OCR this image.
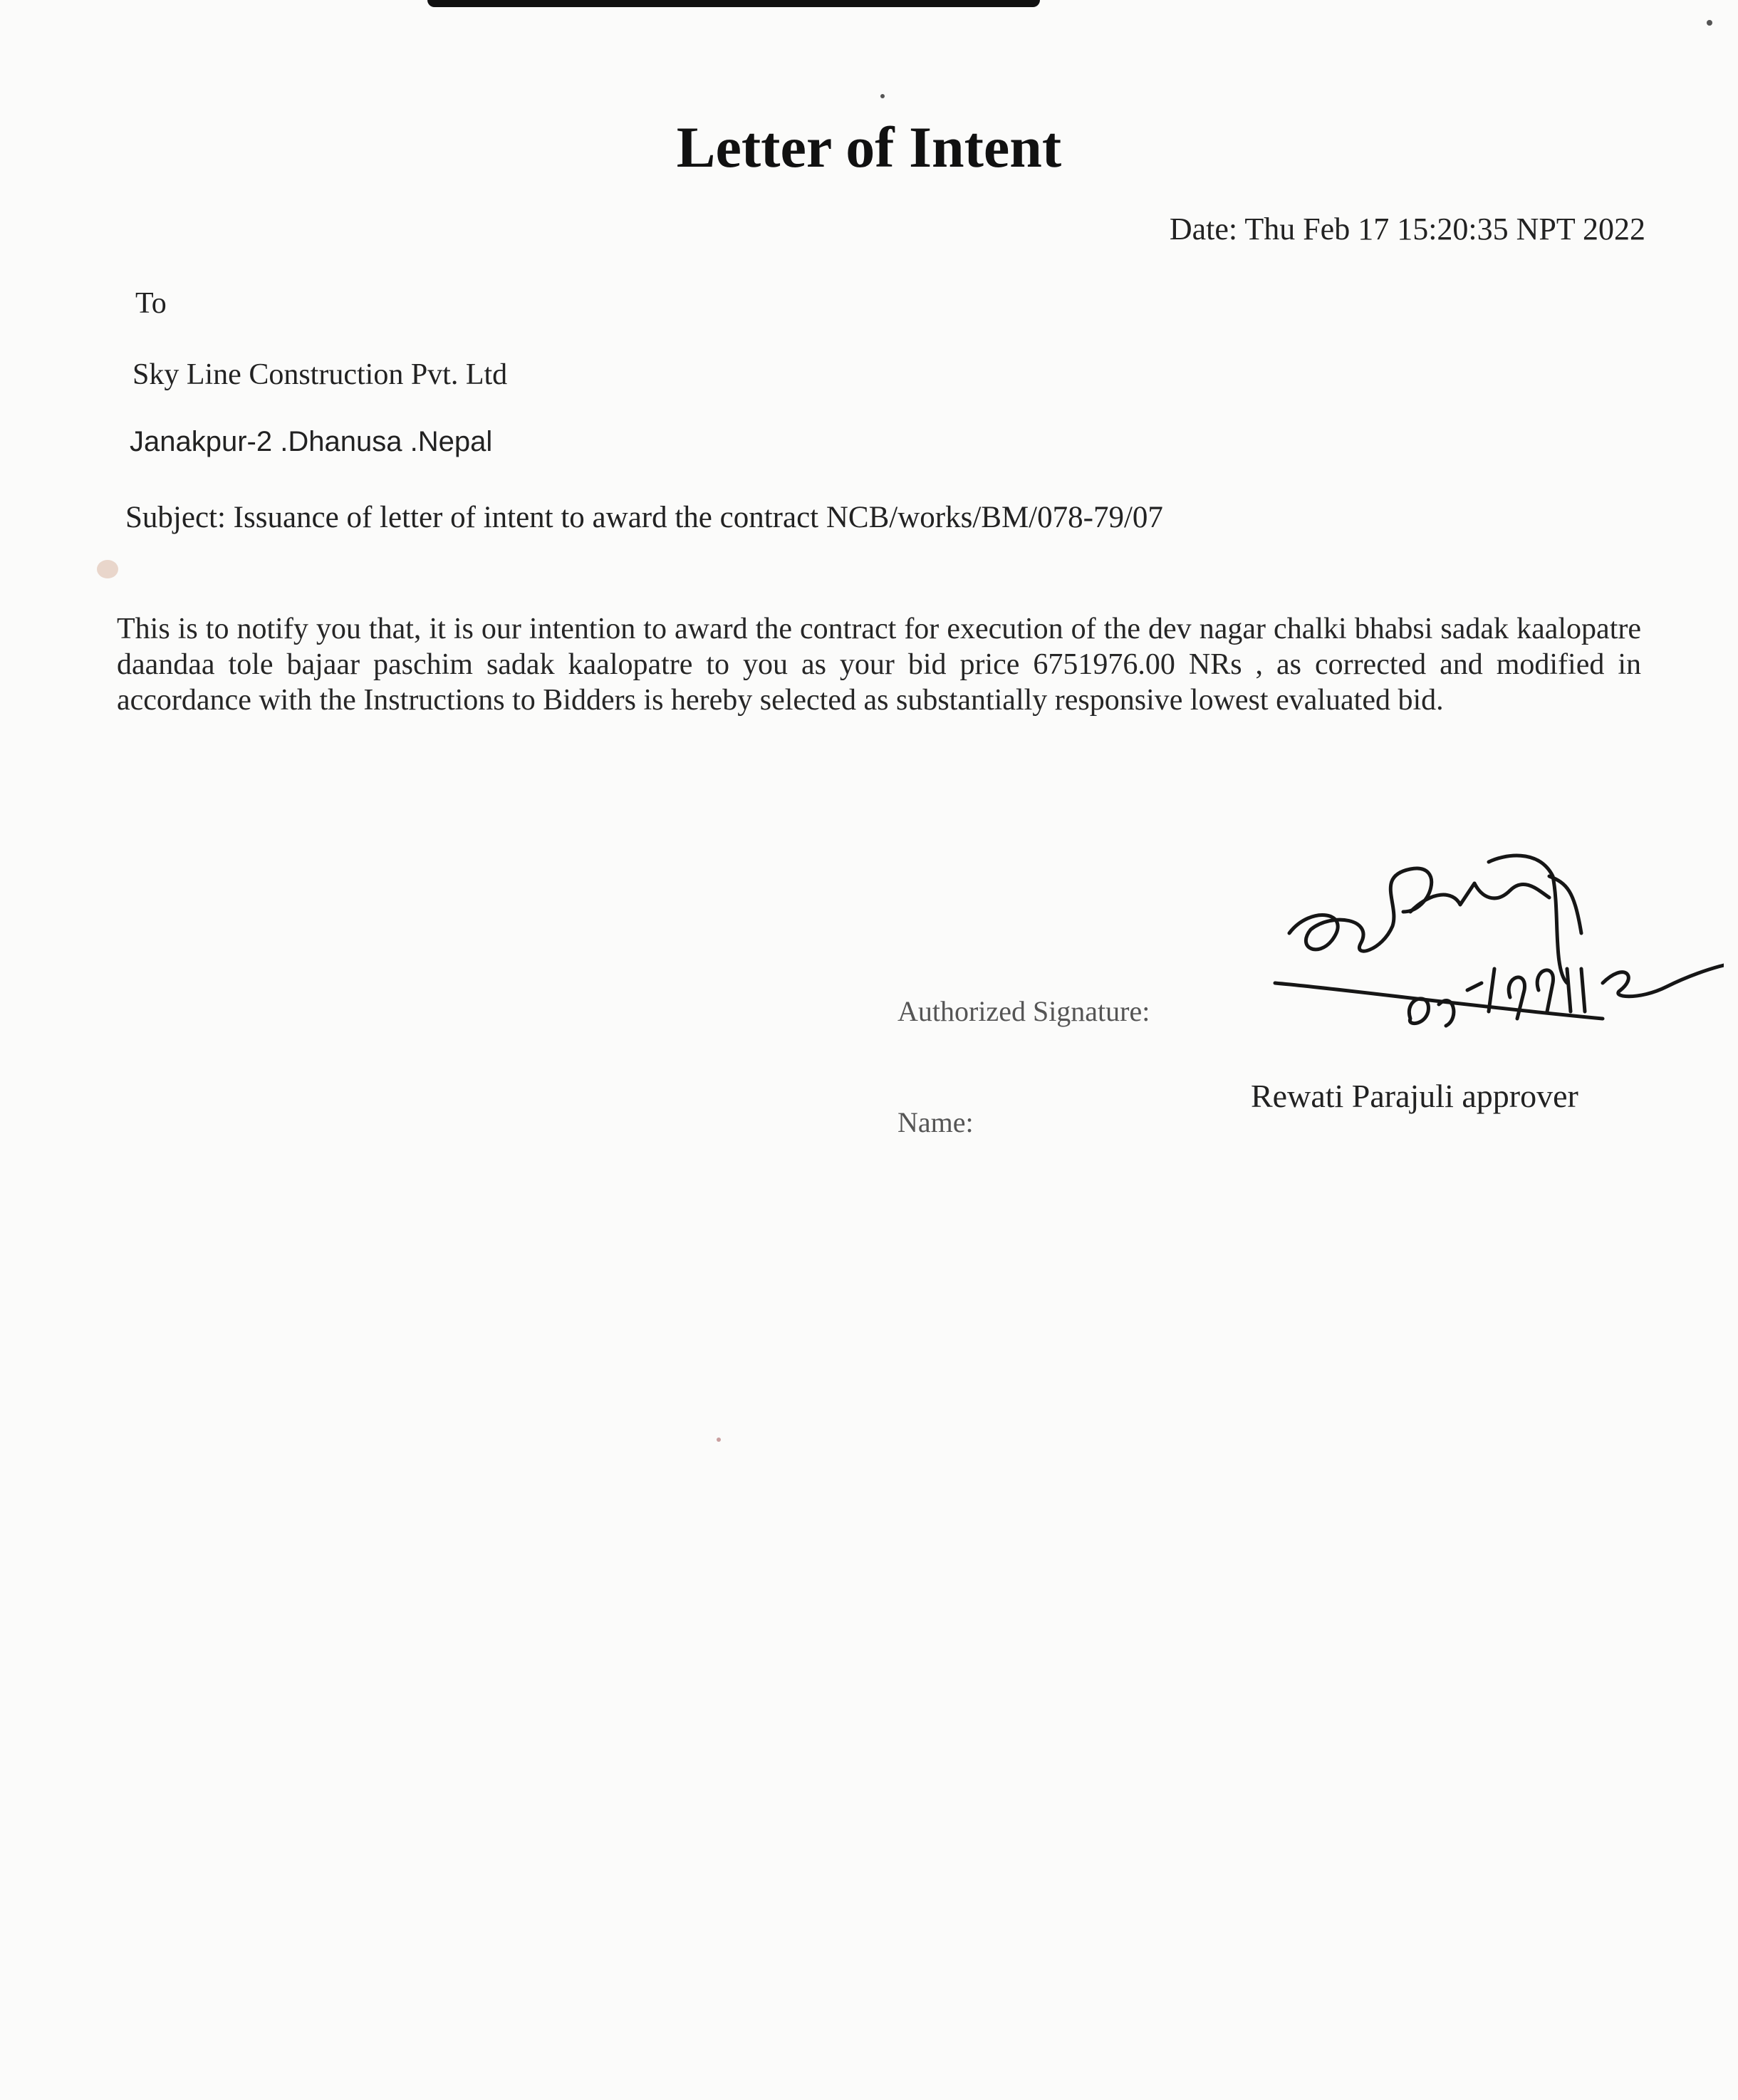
Letter of Intent
Date: Thu Feb 17 15:20:35 NPT 2022
To
Sky Line Construction Pvt. Ltd
Janakpur-2 .Dhanusa .Nepal
Subject: Issuance of letter of intent to award the contract NCB/works/BM/078-79/07

This is to notify you that, it is our intention to award the contract for execution of the dev nagar chalki bhabsi sadak kaalopatre daandaa tole bajaar paschim sadak kaalopatre to you as your bid price 6751976.00 NRs , as corrected and modified in accordance with the Instructions to Bidders is hereby selected as substantially responsive lowest evaluated bid.

Authorized Signature:
Name:
Rewati Parajuli approver
